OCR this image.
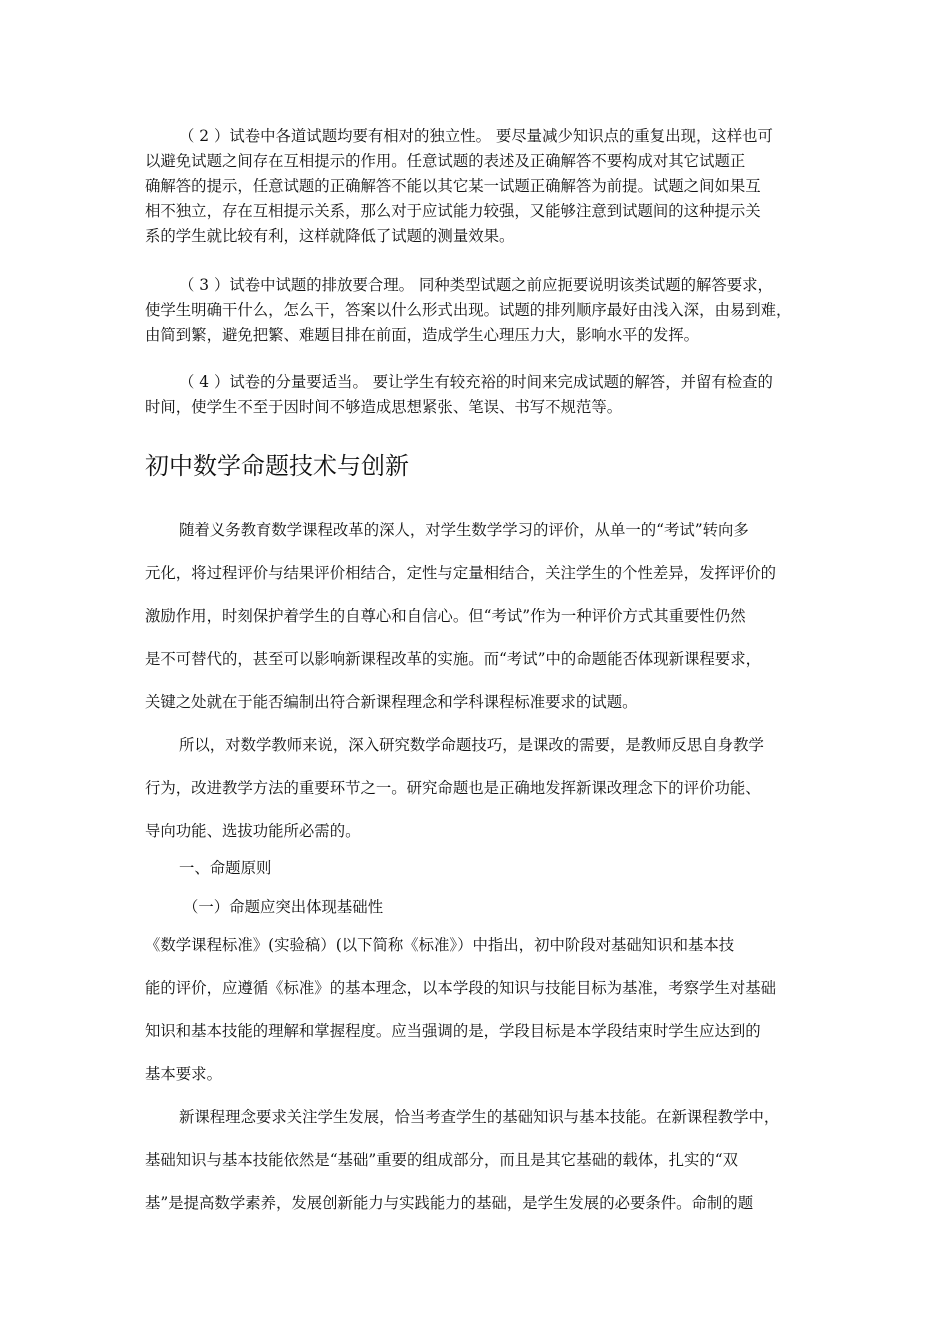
（ 2 ）试卷中各道试题均要有相对的独立性。 要尽量减少知识点的重复出现，这样也可
以避免试题之间存在互相提示的作用。任意试题的表述及正确解答不要构成对其它试题正
确解答的提示，任意试题的正确解答不能以其它某一试题正确解答为前提。试题之间如果互
相不独立，存在互相提示关系，那么对于应试能力较强，又能够注意到试题间的这种提示关
系的学生就比较有利，这样就降低了试题的测量效果。
（ 3 ）试卷中试题的排放要合理。 同种类型试题之前应扼要说明该类试题的解答要求，
使学生明确干什么，怎么干，答案以什么形式出现。试题的排列顺序最好由浅入深，由易到难，
由简到繁，避免把繁、难题目排在前面，造成学生心理压力大，影响水平的发挥。
（ 4 ）试卷的分量要适当。 要让学生有较充裕的时间来完成试题的解答，并留有检查的
时间，使学生不至于因时间不够造成思想紧张、笔误、书写不规范等。
初中数学命题技术与创新
随着义务教育数学课程改革的深人，对学生数学学习的评价，从单一的“考试”转向多
元化，将过程评价与结果评价相结合，定性与定量相结合，关注学生的个性差异，发挥评价的
激励作用，时刻保护着学生的自尊心和自信心。但“考试”作为一种评价方式其重要性仍然
是不可替代的，甚至可以影响新课程改革的实施。而“考试”中的命题能否体现新课程要求，
关键之处就在于能否编制出符合新课程理念和学科课程标准要求的试题。
所以，对数学教师来说，深入研究数学命题技巧，是课改的需要，是教师反思自身教学
行为，改进教学方法的重要环节之一。研究命题也是正确地发挥新课改理念下的评价功能、
导向功能、选拔功能所必需的。

一、命题原则

（一）命题应突出体现基础性

《数学课程标准》(实验稿）(以下简称《标准》）中指出，初中阶段对基础知识和基本技
能的评价，应遵循《标准》的基本理念，以本学段的知识与技能目标为基准，考察学生对基础
知识和基本技能的理解和掌握程度。应当强调的是，学段目标是本学段结束时学生应达到的
基本要求。
新课程理念要求关注学生发展，恰当考查学生的基础知识与基本技能。在新课程教学中，
基础知识与基本技能依然是“基础”重要的组成部分，而且是其它基础的载体，扎实的“双
基”是提高数学素养，发展创新能力与实践能力的基础，是学生发展的必要条件。命制的题
